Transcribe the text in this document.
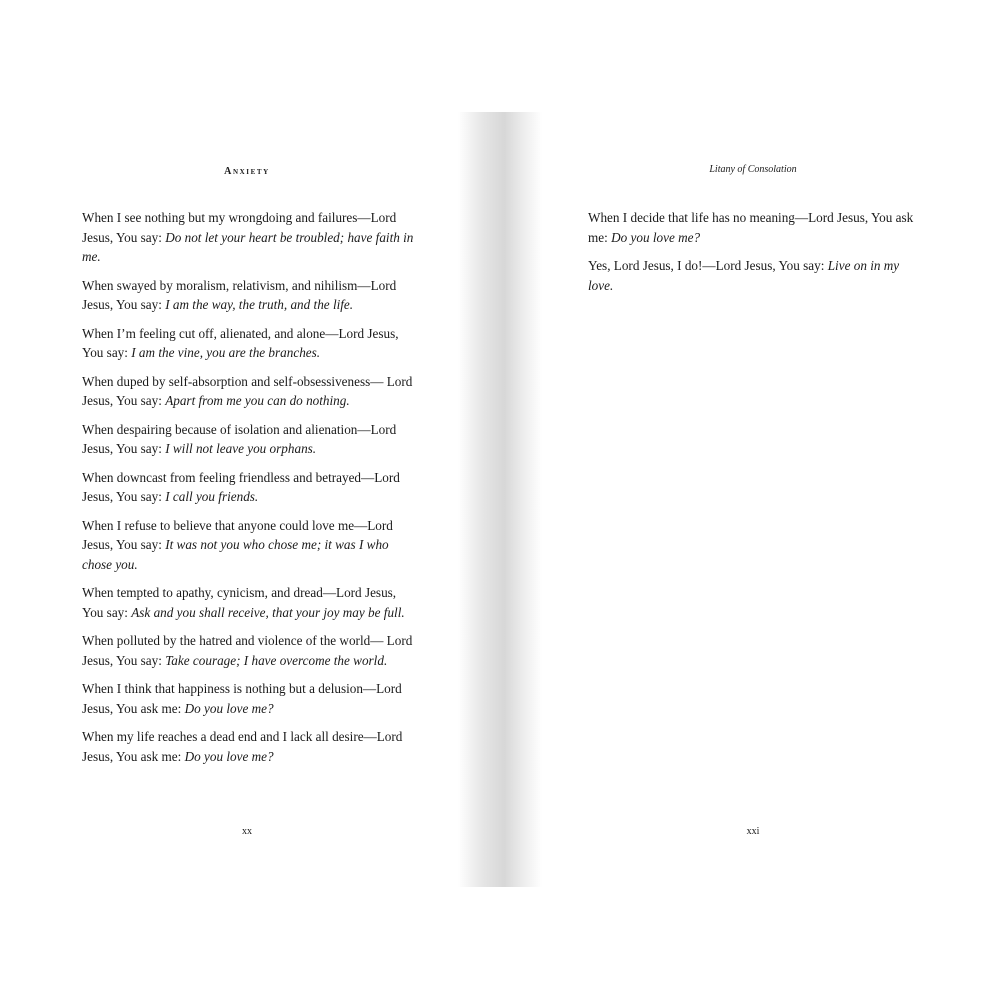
Anxiety

When I see nothing but my wrongdoing and failures—Lord Jesus, You say: Do not let your heart be troubled; have faith in me.

When swayed by moralism, relativism, and nihilism—Lord Jesus, You say: I am the way, the truth, and the life.

When I’m feeling cut off, alienated, and alone—Lord Jesus, You say: I am the vine, you are the branches.

When duped by self-absorption and self-obsessiveness— Lord Jesus, You say: Apart from me you can do nothing.

When despairing because of isolation and alienation—Lord Jesus, You say: I will not leave you orphans.

When downcast from feeling friendless and betrayed—Lord Jesus, You say: I call you friends.

When I refuse to believe that anyone could love me—Lord Jesus, You say: It was not you who chose me; it was I who chose you.

When tempted to apathy, cynicism, and dread—Lord Jesus, You say: Ask and you shall receive, that your joy may be full.

When polluted by the hatred and violence of the world— Lord Jesus, You say: Take courage; I have overcome the world.

When I think that happiness is nothing but a delusion—Lord Jesus, You ask me: Do you love me?

When my life reaches a dead end and I lack all desire—Lord Jesus, You ask me: Do you love me?

xx
Litany of Consolation

When I decide that life has no meaning—Lord Jesus, You ask me: Do you love me?

Yes, Lord Jesus, I do!—Lord Jesus, You say: Live on in my love.

xxi
